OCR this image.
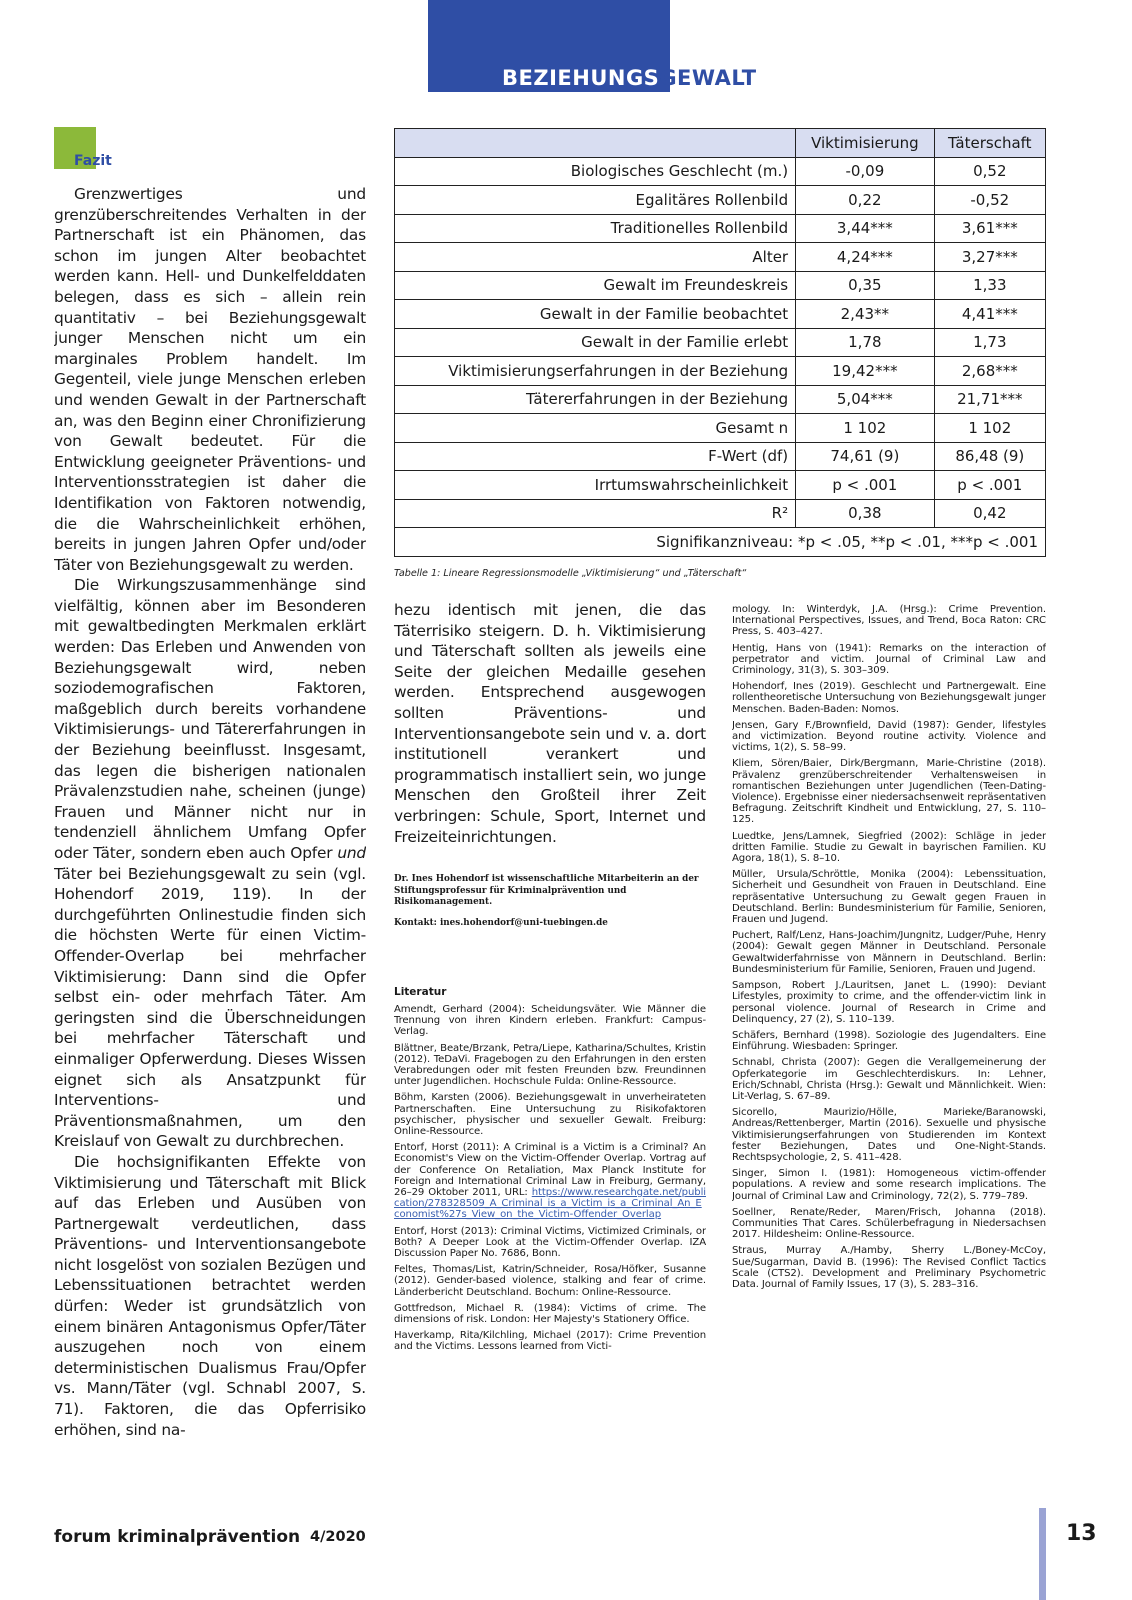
BEZIEHUNGSGEWALT
Fazit

Grenzwertiges und grenzüberschreitendes Verhalten in der Partnerschaft ist ein Phänomen, das schon im jungen Alter beobachtet werden kann. Hell- und Dunkelfelddaten belegen, dass es sich – allein rein quantitativ – bei Beziehungsgewalt junger Menschen nicht um ein marginales Problem handelt. Im Gegenteil, viele junge Menschen erleben und wenden Gewalt in der Partnerschaft an, was den Beginn einer Chronifizierung von Gewalt bedeutet. Für die Entwicklung geeigneter Präventions- und Interventionsstrategien ist daher die Identifikation von Faktoren notwendig, die die Wahrscheinlichkeit erhöhen, bereits in jungen Jahren Opfer und/oder Täter von Beziehungsgewalt zu werden.

Die Wirkungszusammenhänge sind vielfältig, können aber im Besonderen mit gewaltbedingten Merkmalen erklärt werden: Das Erleben und Anwenden von Beziehungsgewalt wird, neben soziodemografischen Faktoren, maßgeblich durch bereits vorhandene Viktimisierungs- und Tätererfahrungen in der Beziehung beeinflusst. Insgesamt, das legen die bisherigen nationalen Prävalenzstudien nahe, scheinen (junge) Frauen und Männer nicht nur in tendenziell ähnlichem Umfang Opfer oder Täter, sondern eben auch Opfer und Täter bei Beziehungsgewalt zu sein (vgl. Hohendorf 2019, 119). In der durchgeführten Onlinestudie finden sich die höchsten Werte für einen Victim-Offender-Overlap bei mehrfacher Viktimisierung: Dann sind die Opfer selbst ein- oder mehrfach Täter. Am geringsten sind die Überschneidungen bei mehrfacher Täterschaft und einmaliger Opferwerdung. Dieses Wissen eignet sich als Ansatzpunkt für Interventions- und Präventionsmaßnahmen, um den Kreislauf von Gewalt zu durchbrechen.

Die hochsignifikanten Effekte von Viktimisierung und Täterschaft mit Blick auf das Erleben und Ausüben von Partnergewalt verdeutlichen, dass Präventions- und Interventionsangebote nicht losgelöst von sozialen Bezügen und Lebenssituationen betrachtet werden dürfen: Weder ist grundsätzlich von einem binären Antagonismus Opfer/Täter auszugehen noch von einem deterministischen Dualismus Frau/Opfer vs. Mann/Täter (vgl. Schnabl 2007, S. 71). Faktoren, die das Opferrisiko erhöhen, sind na-

	Viktimisierung	Täterschaft
Biologisches Geschlecht (m.)	-0,09	0,52
Egalitäres Rollenbild	0,22	-0,52
Traditionelles Rollenbild	3,44***	3,61***
Alter	4,24***	3,27***
Gewalt im Freundeskreis	0,35	1,33
Gewalt in der Familie beobachtet	2,43**	4,41***
Gewalt in der Familie erlebt	1,78	1,73
Viktimisierungserfahrungen in der Beziehung	19,42***	2,68***
Tätererfahrungen in der Beziehung	5,04***	21,71***
Gesamt n	1 102	1 102
F-Wert (df)	74,61 (9)	86,48 (9)
Irrtumswahrscheinlichkeit	p < .001	p < .001
R²	0,38	0,42
Signifikanzniveau: *p < .05, **p < .01, ***p < .001		
Tabelle 1: Lineare Regressionsmodelle „Viktimisierung“ und „Täterschaft“
hezu identisch mit jenen, die das Täterrisiko steigern. D. h. Viktimisierung und Täterschaft sollten als jeweils eine Seite der gleichen Medaille gesehen werden. Entsprechend ausgewogen sollten Präventions- und Interventionsangebote sein und v. a. dort institutionell verankert und programmatisch installiert sein, wo junge Menschen den Großteil ihrer Zeit verbringen: Schule, Sport, Internet und Freizeiteinrichtungen.

Dr. Ines Hohendorf ist wissenschaftliche Mitarbeiterin an der Stiftungsprofessur für Kriminalprävention und Risikomanagement.

Kontakt: ines.hohendorf@uni-tuebingen.de

Literatur

Amendt, Gerhard (2004): Scheidungsväter. Wie Männer die Trennung von ihren Kindern erleben. Frankfurt: Campus-Verlag.

Blättner, Beate/Brzank, Petra/Liepe, Katharina/Schultes, Kristin (2012). TeDaVi. Fragebogen zu den Erfahrungen in den ersten Verabredungen oder mit festen Freunden bzw. Freundinnen unter Jugendlichen. Hochschule Fulda: Online-Ressource.

Böhm, Karsten (2006). Beziehungsgewalt in unverheirateten Partnerschaften. Eine Untersuchung zu Risikofaktoren psychischer, physischer und sexueller Gewalt. Freiburg: Online-Ressource.

Entorf, Horst (2011): A Criminal is a Victim is a Criminal? An Economist's View on the Victim-Offender Overlap. Vortrag auf der Conference On Retaliation, Max Planck Institute for Foreign and International Criminal Law in Freiburg, Germany, 26–29 Oktober 2011, URL: https://www.researchgate.net/publication/278328509_A_Criminal_is_a_Victim_is_a_Criminal_An_Economist%27s_View_on_the_Victim-Offender_Overlap

Entorf, Horst (2013): Criminal Victims, Victimized Criminals, or Both? A Deeper Look at the Victim-Offender Overlap. IZA Discussion Paper No. 7686, Bonn.

Feltes, Thomas/List, Katrin/Schneider, Rosa/Höfker, Susanne (2012). Gender-based violence, stalking and fear of crime. Länderbericht Deutschland. Bochum: Online-Ressource.

Gottfredson, Michael R. (1984): Victims of crime. The dimensions of risk. London: Her Majesty's Stationery Office.

Haverkamp, Rita/Kilchling, Michael (2017): Crime Prevention and the Victims. Lessons learned from Victi-

mology. In: Winterdyk, J.A. (Hrsg.): Crime Prevention. International Perspectives, Issues, and Trend, Boca Raton: CRC Press, S. 403–427.

Hentig, Hans von (1941): Remarks on the interaction of perpetrator and victim. Journal of Criminal Law and Criminology, 31(3), S. 303–309.

Hohendorf, Ines (2019). Geschlecht und Partnergewalt. Eine rollentheoretische Untersuchung von Beziehungsgewalt junger Menschen. Baden-Baden: Nomos.

Jensen, Gary F./Brownfield, David (1987): Gender, lifestyles and victimization. Beyond routine activity. Violence and victims, 1(2), S. 58–99.

Kliem, Sören/Baier, Dirk/Bergmann, Marie-Christine (2018). Prävalenz grenzüberschreitender Verhaltensweisen in romantischen Beziehungen unter Jugendlichen (Teen-Dating-Violence). Ergebnisse einer niedersachsenweit repräsentativen Befragung. Zeitschrift Kindheit und Entwicklung, 27, S. 110–125.

Luedtke, Jens/Lamnek, Siegfried (2002): Schläge in jeder dritten Familie. Studie zu Gewalt in bayrischen Familien. KU Agora, 18(1), S. 8–10.

Müller, Ursula/Schröttle, Monika (2004): Lebenssituation, Sicherheit und Gesundheit von Frauen in Deutschland. Eine repräsentative Untersuchung zu Gewalt gegen Frauen in Deutschland. Berlin: Bundesministerium für Familie, Senioren, Frauen und Jugend.

Puchert, Ralf/Lenz, Hans-Joachim/Jungnitz, Ludger/Puhe, Henry (2004): Gewalt gegen Männer in Deutschland. Personale Gewaltwiderfahrnisse von Männern in Deutschland. Berlin: Bundesministerium für Familie, Senioren, Frauen und Jugend.

Sampson, Robert J./Lauritsen, Janet L. (1990): Deviant Lifestyles, proximity to crime, and the offender-victim link in personal violence. Journal of Research in Crime and Delinquency, 27 (2), S. 110–139.

Schäfers, Bernhard (1998). Soziologie des Jugendalters. Eine Einführung. Wiesbaden: Springer.

Schnabl, Christa (2007): Gegen die Verallgemeinerung der Opferkategorie im Geschlechterdiskurs. In: Lehner, Erich/Schnabl, Christa (Hrsg.): Gewalt und Männlichkeit. Wien: Lit-Verlag, S. 67–89.

Sicorello, Maurizio/Hölle, Marieke/Baranowski, Andreas/Rettenberger, Martin (2016). Sexuelle und physische Viktimisierungserfahrungen von Studierenden im Kontext fester Beziehungen, Dates und One-Night-Stands. Rechtspsychologie, 2, S. 411–428.

Singer, Simon I. (1981): Homogeneous victim-offender populations. A review and some research implications. The Journal of Criminal Law and Criminology, 72(2), S. 779–789.

Soellner, Renate/Reder, Maren/Frisch, Johanna (2018). Communities That Cares. Schülerbefragung in Niedersachsen 2017. Hildesheim: Online-Ressource.

Straus, Murray A./Hamby, Sherry L./Boney-McCoy, Sue/Sugarman, David B. (1996): The Revised Conflict Tactics Scale (CTS2). Development and Preliminary Psychometric Data. Journal of Family Issues, 17 (3), S. 283–316.

forum kriminalprävention 4/2020	13
